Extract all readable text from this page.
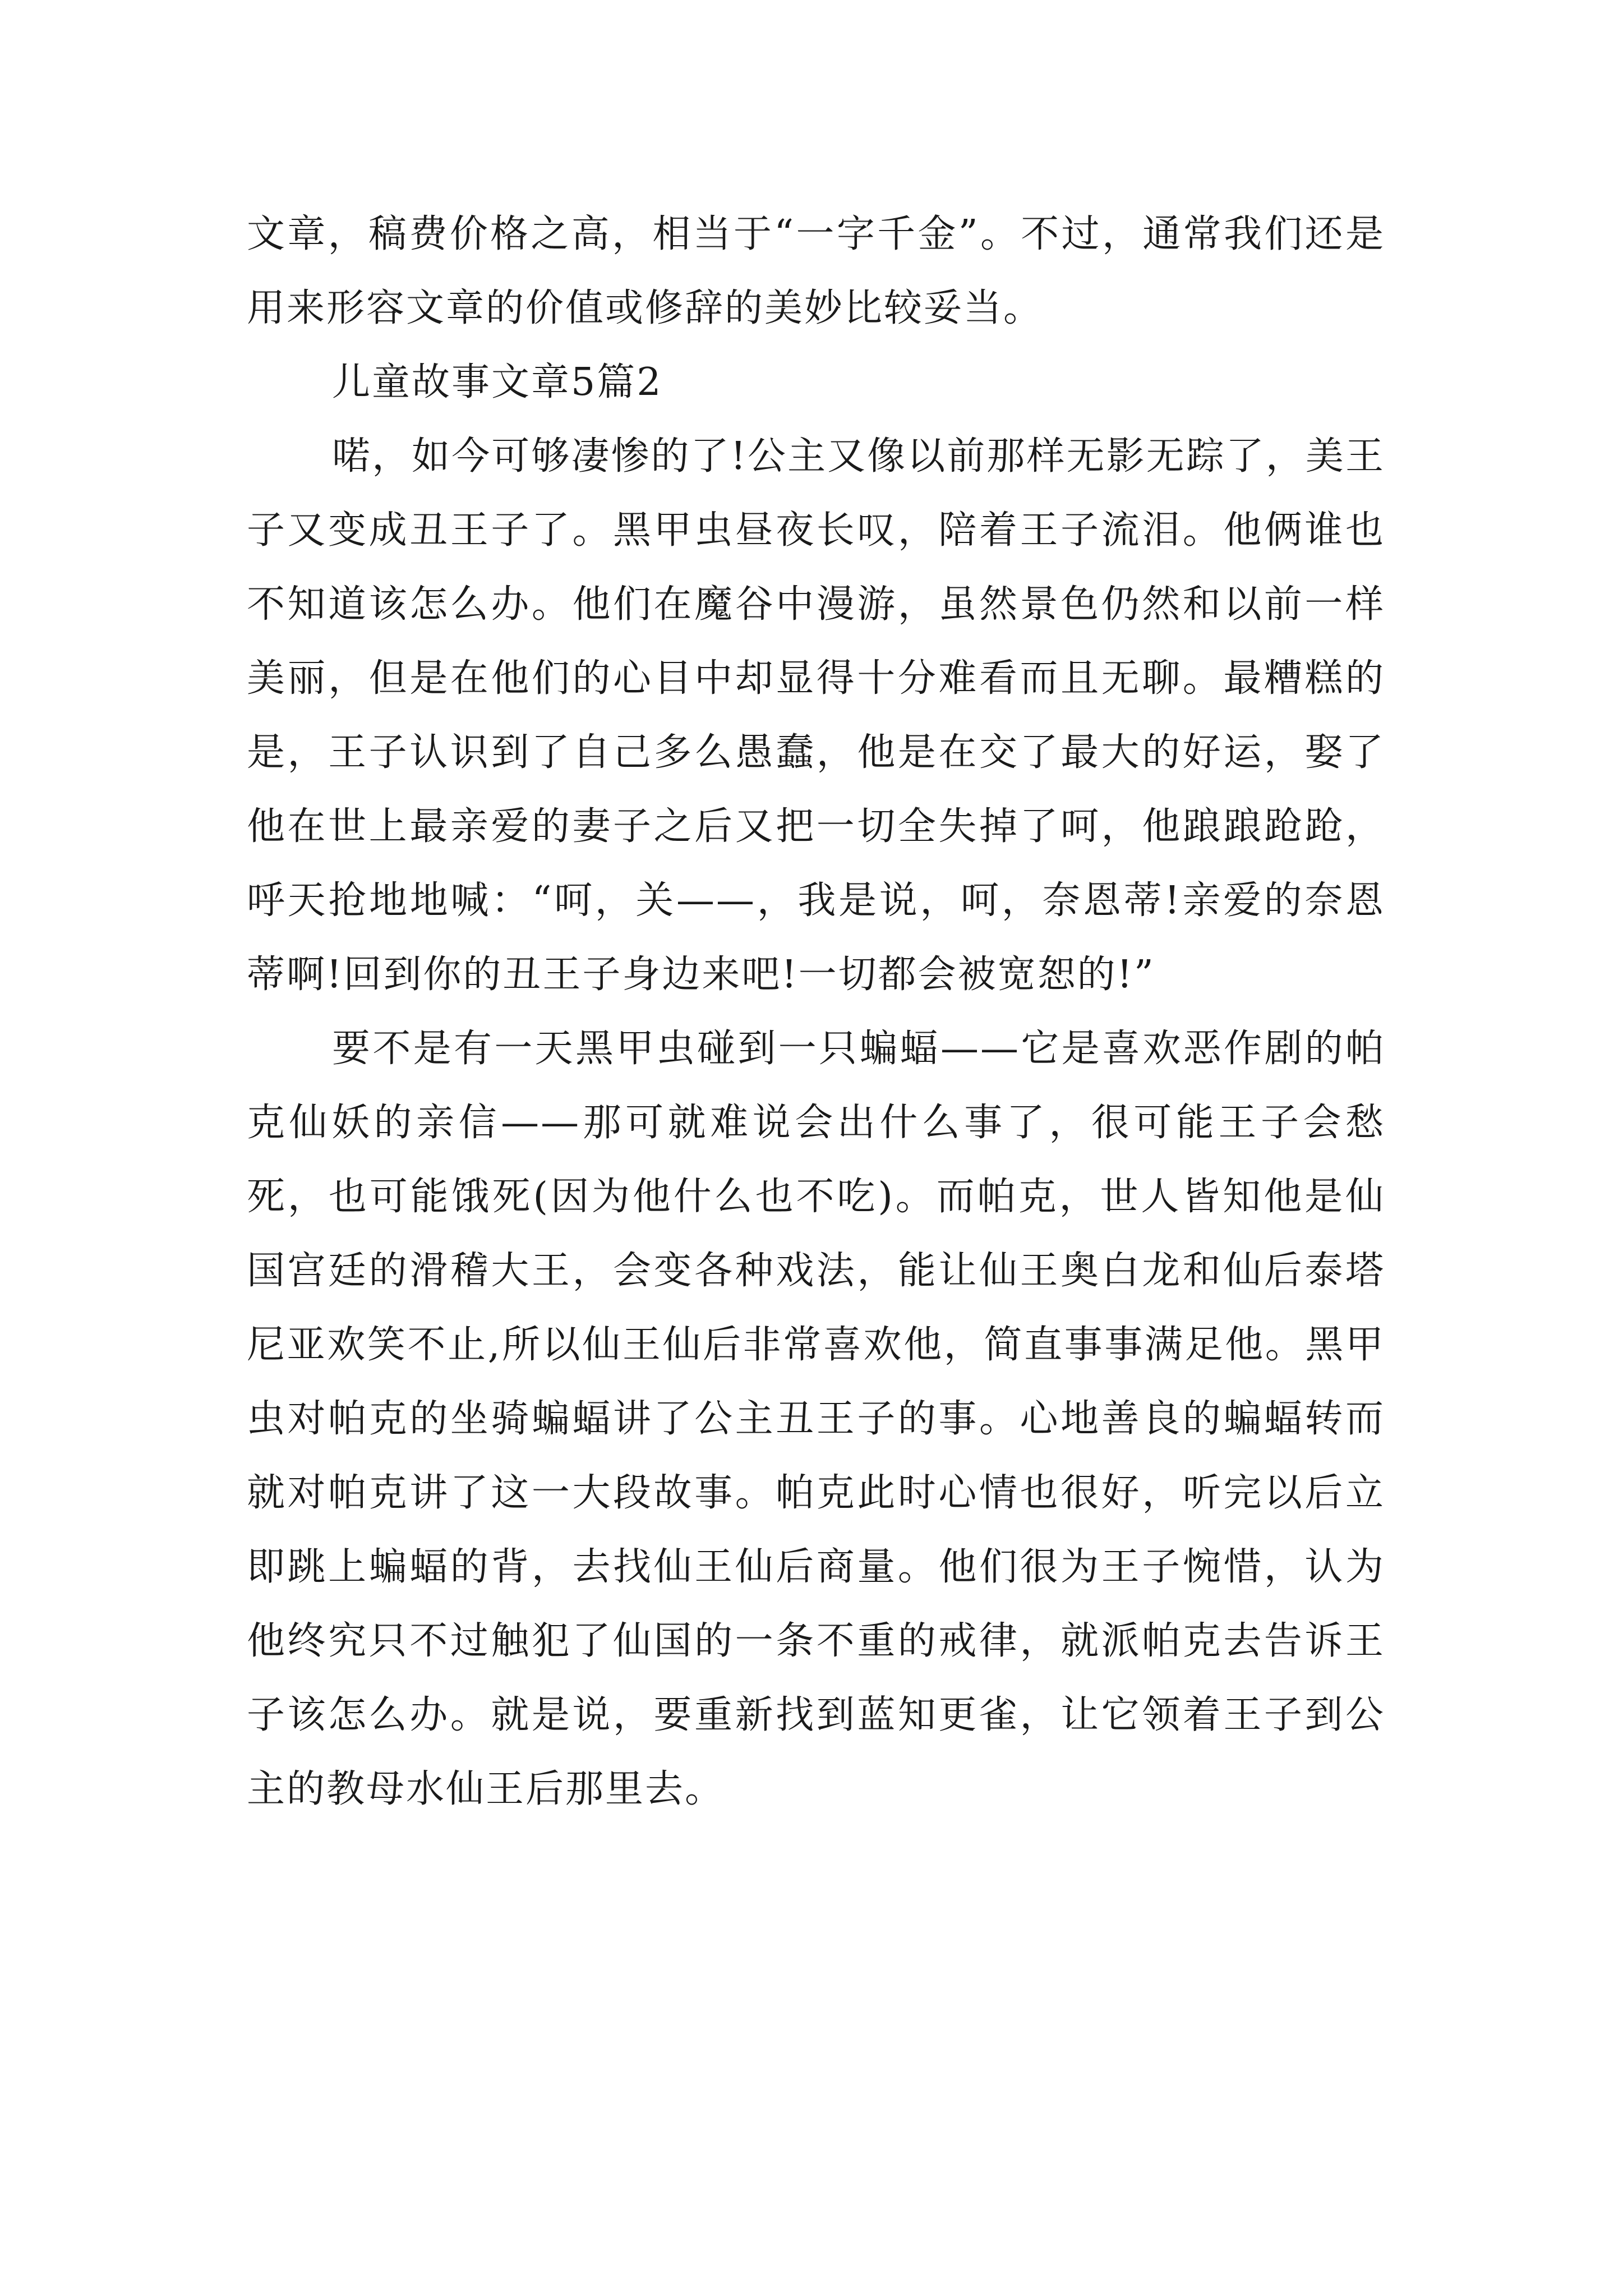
文章，稿费价格之高，相当于“一字千金”。不过，通常我们还是用来形容文章的价值或修辞的美妙比较妥当。

儿童故事文章5篇2

喏，如今可够凄惨的了!公主又像以前那样无影无踪了，美王子又变成丑王子了。黑甲虫昼夜长叹，陪着王子流泪。他俩谁也不知道该怎么办。他们在魔谷中漫游，虽然景色仍然和以前一样美丽，但是在他们的心目中却显得十分难看而且无聊。最糟糕的是，王子认识到了自己多么愚蠢，他是在交了最大的好运，娶了他在世上最亲爱的妻子之后又把一切全失掉了呵，他踉踉跄跄，呼天抢地地喊：“呵，关——，我是说，呵，奈恩蒂!亲爱的奈恩蒂啊!回到你的丑王子身边来吧!一切都会被宽恕的!”

要不是有一天黑甲虫碰到一只蝙蝠——它是喜欢恶作剧的帕克仙妖的亲信——那可就难说会出什么事了，很可能王子会愁死，也可能饿死(因为他什么也不吃)。而帕克，世人皆知他是仙国宫廷的滑稽大王，会变各种戏法，能让仙王奥白龙和仙后泰塔尼亚欢笑不止,所以仙王仙后非常喜欢他，简直事事满足他。黑甲虫对帕克的坐骑蝙蝠讲了公主丑王子的事。心地善良的蝙蝠转而就对帕克讲了这一大段故事。帕克此时心情也很好，听完以后立即跳上蝙蝠的背，去找仙王仙后商量。他们很为王子惋惜，认为他终究只不过触犯了仙国的一条不重的戒律，就派帕克去告诉王子该怎么办。就是说，要重新找到蓝知更雀，让它领着王子到公主的教母水仙王后那里去。
